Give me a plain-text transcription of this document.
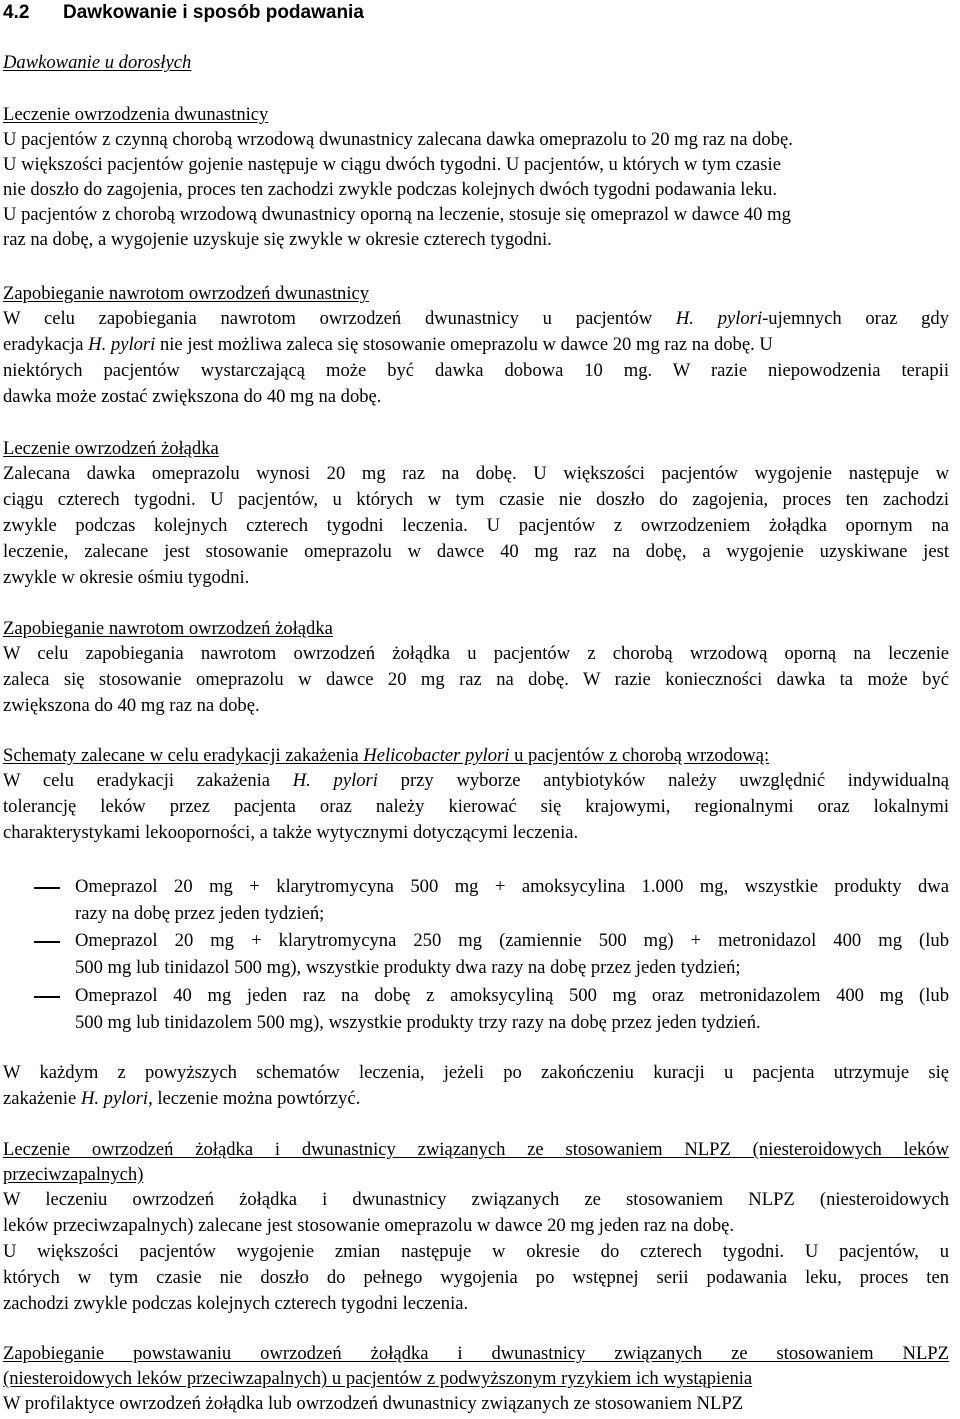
4.2 Dawkowanie i sposób podawania
Dawkowanie u dorosłych
Leczenie owrzodzenia dwunastnicy
U pacjentów z czynną chorobą wrzodową dwunastnicy zalecana dawka omeprazolu to 20 mg raz na dobę.
U większości pacjentów gojenie następuje w ciągu dwóch tygodni. U pacjentów, u których w tym czasie
nie doszło do zagojenia, proces ten zachodzi zwykle podczas kolejnych dwóch tygodni podawania leku.
U pacjentów z chorobą wrzodową dwunastnicy oporną na leczenie, stosuje się omeprazol w dawce 40 mg
raz na dobę, a wygojenie uzyskuje się zwykle w okresie czterech tygodni.
Zapobieganie nawrotom owrzodzeń dwunastnicy
W celu zapobiegania nawrotom owrzodzeń dwunastnicy u pacjentów H. pylori-ujemnych oraz gdy
eradykacja H. pylori nie jest możliwa zaleca się stosowanie omeprazolu w dawce 20 mg raz na dobę. U
niektórych pacjentów wystarczającą może być dawka dobowa 10 mg. W razie niepowodzenia terapii
dawka może zostać zwiększona do 40 mg na dobę.
Leczenie owrzodzeń żołądka
Zalecana dawka omeprazolu wynosi 20 mg raz na dobę. U większości pacjentów wygojenie następuje w
ciągu czterech tygodni. U pacjentów, u których w tym czasie nie doszło do zagojenia, proces ten zachodzi
zwykle podczas kolejnych czterech tygodni leczenia. U pacjentów z owrzodzeniem żołądka opornym na
leczenie, zalecane jest stosowanie omeprazolu w dawce 40 mg raz na dobę, a wygojenie uzyskiwane jest
zwykle w okresie ośmiu tygodni.
Zapobieganie nawrotom owrzodzeń żołądka
W celu zapobiegania nawrotom owrzodzeń żołądka u pacjentów z chorobą wrzodową oporną na leczenie
zaleca się stosowanie omeprazolu w dawce 20 mg raz na dobę. W razie konieczności dawka ta może być
zwiększona do 40 mg raz na dobę.
Schematy zalecane w celu eradykacji zakażenia Helicobacter pylori u pacjentów z chorobą wrzodową:
W celu eradykacji zakażenia H. pylori przy wyborze antybiotyków należy uwzględnić indywidualną
tolerancję leków przez pacjenta oraz należy kierować się krajowymi, regionalnymi oraz lokalnymi
charakterystykami lekooporności, a także wytycznymi dotyczącymi leczenia.
Omeprazol 20 mg + klarytromycyna 500 mg + amoksycylina 1.000 mg, wszystkie produkty dwa
razy na dobę przez jeden tydzień;
Omeprazol 20 mg + klarytromycyna 250 mg (zamiennie 500 mg) + metronidazol 400 mg (lub
500 mg lub tinidazol 500 mg), wszystkie produkty dwa razy na dobę przez jeden tydzień;
Omeprazol 40 mg jeden raz na dobę z amoksycyliną 500 mg oraz metronidazolem 400 mg (lub
500 mg lub tinidazolem 500 mg), wszystkie produkty trzy razy na dobę przez jeden tydzień.
W każdym z powyższych schematów leczenia, jeżeli po zakończeniu kuracji u pacjenta utrzymuje się
zakażenie H. pylori, leczenie można powtórzyć.
Leczenie owrzodzeń żołądka i dwunastnicy związanych ze stosowaniem NLPZ (niesteroidowych leków
przeciwzapalnych)
W leczeniu owrzodzeń żołądka i dwunastnicy związanych ze stosowaniem NLPZ (niesteroidowych
leków przeciwzapalnych) zalecane jest stosowanie omeprazolu w dawce 20 mg jeden raz na dobę.
U większości pacjentów wygojenie zmian następuje w okresie do czterech tygodni. U pacjentów, u
których w tym czasie nie doszło do pełnego wygojenia po wstępnej serii podawania leku, proces ten
zachodzi zwykle podczas kolejnych czterech tygodni leczenia.
Zapobieganie powstawaniu owrzodzeń żołądka i dwunastnicy związanych ze stosowaniem NLPZ
(niesteroidowych leków przeciwzapalnych) u pacjentów z podwyższonym ryzykiem ich wystąpienia
W profilaktyce owrzodzeń żołądka lub owrzodzeń dwunastnicy związanych ze stosowaniem NLPZ
